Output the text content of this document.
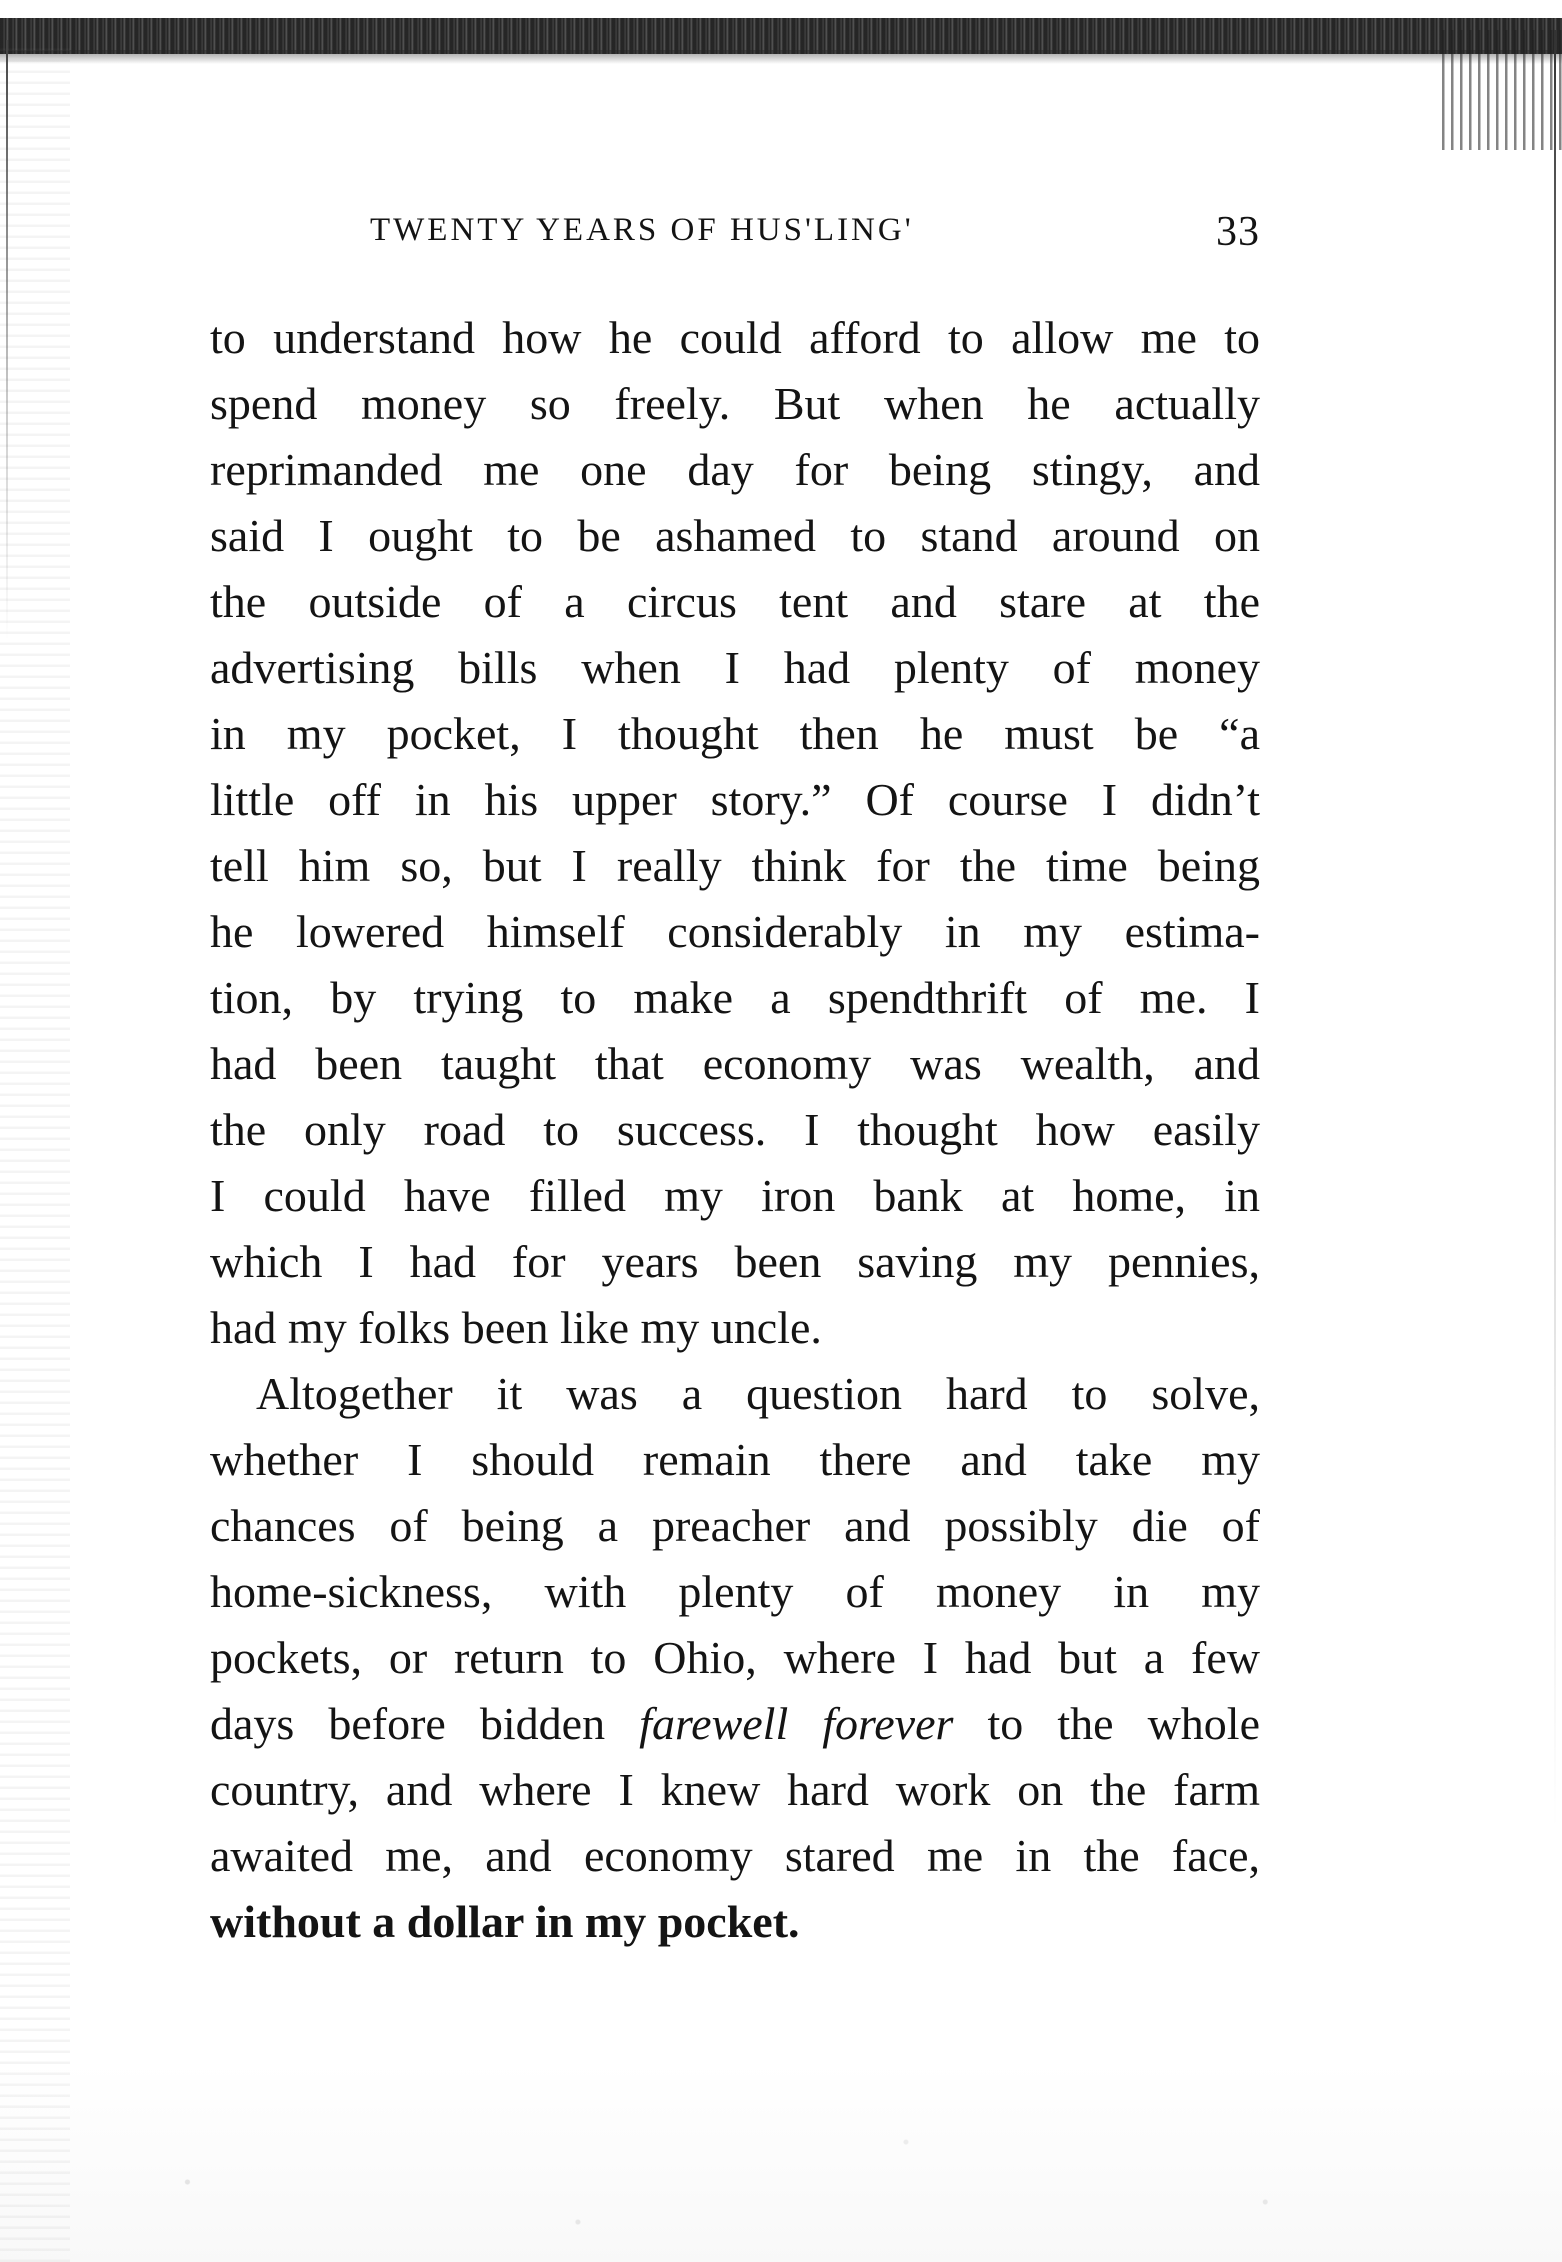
TWENTY YEARS OF HUS'LING'	33
to understand how he could afford to allow me to
spend money so freely. But when he actually
reprimanded me one day for being stingy, and
said I ought to be ashamed to stand around on
the outside of a circus tent and stare at the
advertising bills when I had plenty of money
in my pocket, I thought then he must be “a
little off in his upper story.” Of course I didn’t
tell him so, but I really think for the time being
he lowered himself considerably in my estima-
tion, by trying to make a spendthrift of me. I
had been taught that economy was wealth, and
the only road to success. I thought how easily
I could have filled my iron bank at home, in
which I had for years been saving my pennies,
had my folks been like my uncle.
Altogether it was a question hard to solve,
whether I should remain there and take my
chances of being a preacher and possibly die of
home-sickness, with plenty of money in my
pockets, or return to Ohio, where I had but a few
days before bidden farewell forever to the whole
country, and where I knew hard work on the farm
awaited me, and economy stared me in the face,
without a dollar in my pocket.
